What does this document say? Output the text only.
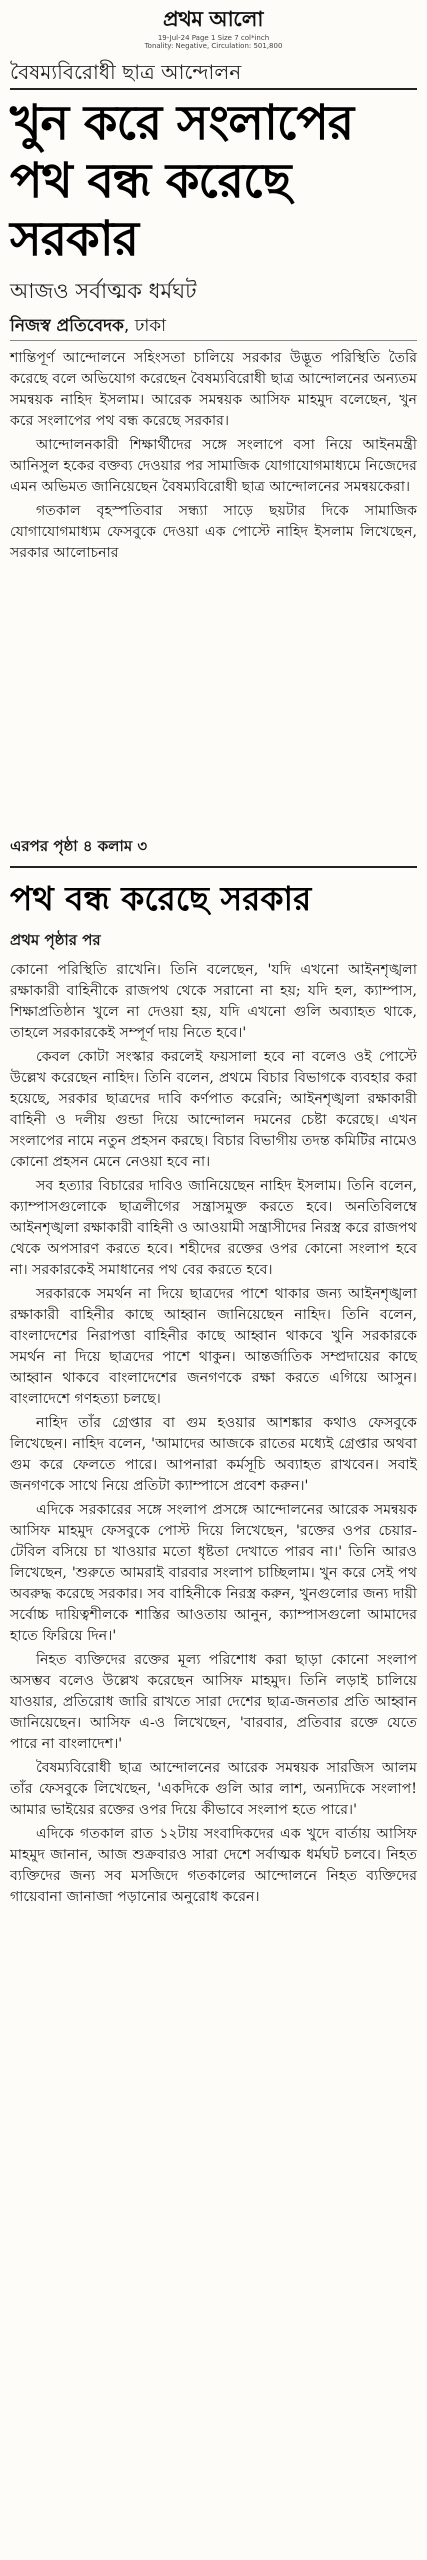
প্রথম আলো
19-Jul-24 Page 1 Size 7 col*inch
Tonality: Negative, Circulation: 501,800
বৈষম্যবিরোধী ছাত্র আন্দোলন
খুন করে সংলাপের পথ বন্ধ করেছে সরকার
আজও সর্বাত্মক ধর্মঘট
নিজস্ব প্রতিবেদক, ঢাকা

শান্তিপূর্ণ আন্দোলনে সহিংসতা চালিয়ে সরকার উদ্ভূত পরিস্থিতি তৈরি করেছে বলে অভিযোগ করেছেন বৈষম্যবিরোধী ছাত্র আন্দোলনের অন্যতম সমন্বয়ক নাহিদ ইসলাম। আরেক সমন্বয়ক আসিফ মাহমুদ বলেছেন, খুন করে সংলাপের পথ বন্ধ করেছে সরকার।

আন্দোলনকারী শিক্ষার্থীদের সঙ্গে সংলাপে বসা নিয়ে আইনমন্ত্রী আনিসুল হকের বক্তব্য দেওয়ার পর সামাজিক যোগাযোগমাধ্যমে নিজেদের এমন অভিমত জানিয়েছেন বৈষম্যবিরোধী ছাত্র আন্দোলনের সমন্বয়কেরা।

গতকাল বৃহস্পতিবার সন্ধ্যা সাড়ে ছয়টার দিকে সামাজিক যোগাযোগমাধ্যম ফেসবুকে দেওয়া এক পোস্টে নাহিদ ইসলাম লিখেছেন, সরকার আলোচনার

এরপর পৃষ্ঠা ৪ কলাম ৩
পথ বন্ধ করেছে সরকার
প্রথম পৃষ্ঠার পর

কোনো পরিস্থিতি রাখেনি। তিনি বলেছেন, 'যদি এখনো আইনশৃঙ্খলা রক্ষাকারী বাহিনীকে রাজপথ থেকে সরানো না হয়; যদি হল, ক্যাম্পাস, শিক্ষাপ্রতিষ্ঠান খুলে না দেওয়া হয়, যদি এখনো গুলি অব্যাহত থাকে, তাহলে সরকারকেই সম্পূর্ণ দায় নিতে হবে।'

কেবল কোটা সংস্কার করলেই ফয়সালা হবে না বলেও ওই পোস্টে উল্লেখ করেছেন নাহিদ। তিনি বলেন, প্রথমে বিচার বিভাগকে ব্যবহার করা হয়েছে, সরকার ছাত্রদের দাবি কর্ণপাত করেনি; আইনশৃঙ্খলা রক্ষাকারী বাহিনী ও দলীয় গুন্ডা দিয়ে আন্দোলন দমনের চেষ্টা করেছে। এখন সংলাপের নামে নতুন প্রহসন করছে। বিচার বিভাগীয় তদন্ত কমিটির নামেও কোনো প্রহসন মেনে নেওয়া হবে না।

সব হত্যার বিচারের দাবিও জানিয়েছেন নাহিদ ইসলাম। তিনি বলেন, ক্যাম্পাসগুলোকে ছাত্রলীগের সন্ত্রাসমুক্ত করতে হবে। অনতিবিলম্বে আইনশৃঙ্খলা রক্ষাকারী বাহিনী ও আওয়ামী সন্ত্রাসীদের নিরস্ত্র করে রাজপথ থেকে অপসারণ করতে হবে। শহীদের রক্তের ওপর কোনো সংলাপ হবে না। সরকারকেই সমাধানের পথ বের করতে হবে।

সরকারকে সমর্থন না দিয়ে ছাত্রদের পাশে থাকার জন্য আইনশৃঙ্খলা রক্ষাকারী বাহিনীর কাছে আহ্বান জানিয়েছেন নাহিদ। তিনি বলেন, বাংলাদেশের নিরাপত্তা বাহিনীর কাছে আহ্বান থাকবে খুনি সরকারকে সমর্থন না দিয়ে ছাত্রদের পাশে থাকুন। আন্তর্জাতিক সম্প্রদায়ের কাছে আহ্বান থাকবে বাংলাদেশের জনগণকে রক্ষা করতে এগিয়ে আসুন। বাংলাদেশে গণহত্যা চলছে।

নাহিদ তাঁর গ্রেপ্তার বা গুম হওয়ার আশঙ্কার কথাও ফেসবুকে লিখেছেন। নাহিদ বলেন, 'আমাদের আজকে রাতের মধ্যেই গ্রেপ্তার অথবা গুম করে ফেলতে পারে। আপনারা কর্মসূচি অব্যাহত রাখবেন। সবাই জনগণকে সাথে নিয়ে প্রতিটা ক্যাম্পাসে প্রবেশ করুন।'

এদিকে সরকারের সঙ্গে সংলাপ প্রসঙ্গে আন্দোলনের আরেক সমন্বয়ক আসিফ মাহমুদ ফেসবুকে পোস্ট দিয়ে লিখেছেন, 'রক্তের ওপর চেয়ার-টেবিল বসিয়ে চা খাওয়ার মতো ধৃষ্টতা দেখাতে পারব না।' তিনি আরও লিখেছেন, 'শুরুতে আমরাই বারবার সংলাপ চাচ্ছিলাম। খুন করে সেই পথ অবরুদ্ধ করেছে সরকার। সব বাহিনীকে নিরস্ত্র করুন, খুনগুলোর জন্য দায়ী সর্বোচ্চ দায়িত্বশীলকে শাস্তির আওতায় আনুন, ক্যাম্পাসগুলো আমাদের হাতে ফিরিয়ে দিন।'

নিহত ব্যক্তিদের রক্তের মূল্য পরিশোধ করা ছাড়া কোনো সংলাপ অসম্ভব বলেও উল্লেখ করেছেন আসিফ মাহমুদ। তিনি লড়াই চালিয়ে যাওয়ার, প্রতিরোধ জারি রাখতে সারা দেশের ছাত্র-জনতার প্রতি আহ্বান জানিয়েছেন। আসিফ এ-ও লিখেছেন, 'বারবার, প্রতিবার রক্তে যেতে পারে না বাংলাদেশ।'

বৈষম্যবিরোধী ছাত্র আন্দোলনের আরেক সমন্বয়ক সারজিস আলম তাঁর ফেসবুকে লিখেছেন, 'একদিকে গুলি আর লাশ, অন্যদিকে সংলাপ! আমার ভাইয়ের রক্তের ওপর দিয়ে কীভাবে সংলাপ হতে পারে।'

এদিকে গতকাল রাত ১২টায় সংবাদিকদের এক খুদে বার্তায় আসিফ মাহমুদ জানান, আজ শুক্রবারও সারা দেশে সর্বাত্মক ধর্মঘট চলবে। নিহত ব্যক্তিদের জন্য সব মসজিদে গতকালের আন্দোলনে নিহত ব্যক্তিদের গায়েবানা জানাজা পড়ানোর অনুরোধ করেন।
